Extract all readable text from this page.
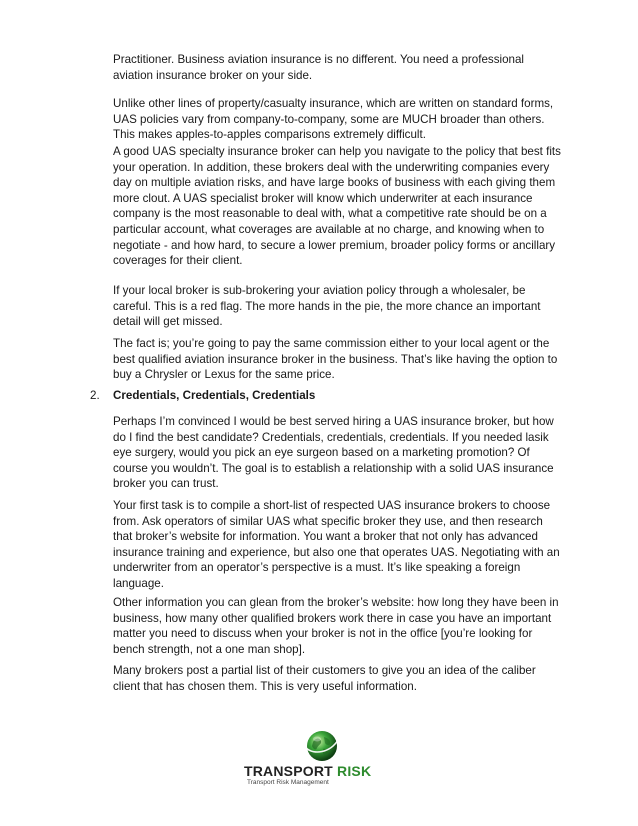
Practitioner. Business aviation insurance is no different. You need a professional aviation insurance broker on your side.

Unlike other lines of property/casualty insurance, which are written on standard forms, UAS policies vary from company-to-company, some are MUCH broader than others. This makes apples-to-apples comparisons extremely difficult.

A good UAS specialty insurance broker can help you navigate to the policy that best fits your operation. In addition, these brokers deal with the underwriting companies every day on multiple aviation risks, and have large books of business with each giving them more clout. A UAS specialist broker will know which underwriter at each insurance company is the most reasonable to deal with, what a competitive rate should be on a particular account, what coverages are available at no charge, and knowing when to negotiate - and how hard, to secure a lower premium, broader policy forms or ancillary coverages for their client.

If your local broker is sub-brokering your aviation policy through a wholesaler, be careful. This is a red flag. The more hands in the pie, the more chance an important detail will get missed.

The fact is; you’re going to pay the same commission either to your local agent or the best qualified aviation insurance broker in the business. That’s like having the option to buy a Chrysler or Lexus for the same price.

2. Credentials, Credentials, Credentials

Perhaps I’m convinced I would be best served hiring a UAS insurance broker, but how do I find the best candidate? Credentials, credentials, credentials. If you needed lasik eye surgery, would you pick an eye surgeon based on a marketing promotion? Of course you wouldn’t. The goal is to establish a relationship with a solid UAS insurance broker you can trust.

Your first task is to compile a short-list of respected UAS insurance brokers to choose from. Ask operators of similar UAS what specific broker they use, and then research that broker’s website for information. You want a broker that not only has advanced insurance training and experience, but also one that operates UAS. Negotiating with an underwriter from an operator’s perspective is a must. It’s like speaking a foreign language.

Other information you can glean from the broker’s website: how long they have been in business, how many other qualified brokers work there in case you have an important matter you need to discuss when your broker is not in the office [you’re looking for bench strength, not a one man shop].

Many brokers post a partial list of their customers to give you an idea of the caliber client that has chosen them. This is very useful information.

TRANSPORT RISK
Transport Risk Management
